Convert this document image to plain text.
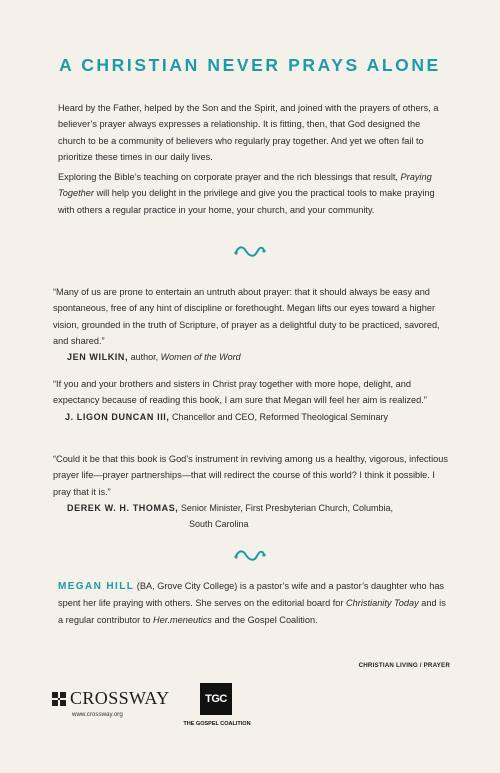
A CHRISTIAN NEVER PRAYS ALONE
Heard by the Father, helped by the Son and the Spirit, and joined with the prayers of others, a believer’s prayer always expresses a relationship. It is fitting, then, that God designed the church to be a community of believers who regularly pray together. And yet we often fail to prioritize these times in our daily lives.
Exploring the Bible’s teaching on corporate prayer and the rich blessings that result, Praying Together will help you delight in the privilege and give you the practical tools to make praying with others a regular practice in your home, your church, and your community.
“Many of us are prone to entertain an untruth about prayer: that it should always be easy and spontaneous, free of any hint of discipline or forethought. Megan lifts our eyes toward a higher vision, grounded in the truth of Scripture, of prayer as a delightful duty to be practiced, savored, and shared.”
JEN WILKIN, author, Women of the Word
“If you and your brothers and sisters in Christ pray together with more hope, delight, and expectancy because of reading this book, I am sure that Megan will feel her aim is realized.”
J. LIGON DUNCAN III, Chancellor and CEO, Reformed Theological Seminary
“Could it be that this book is God’s instrument in reviving among us a healthy, vigorous, infectious prayer life—prayer partnerships—that will redirect the course of this world? I think it possible. I pray that it is.”
DEREK W. H. THOMAS, Senior Minister, First Presbyterian Church, Columbia,
South Carolina
MEGAN HILL (BA, Grove City College) is a pastor’s wife and a pastor’s daughter who has spent her life praying with others. She serves on the editorial board for Christianity Today and is a regular contributor to Her.meneutics and the Gospel Coalition.
CHRISTIAN LIVING / PRAYER
CROSSWAY
www.crossway.org
TGC
THE GOSPEL COALITION
